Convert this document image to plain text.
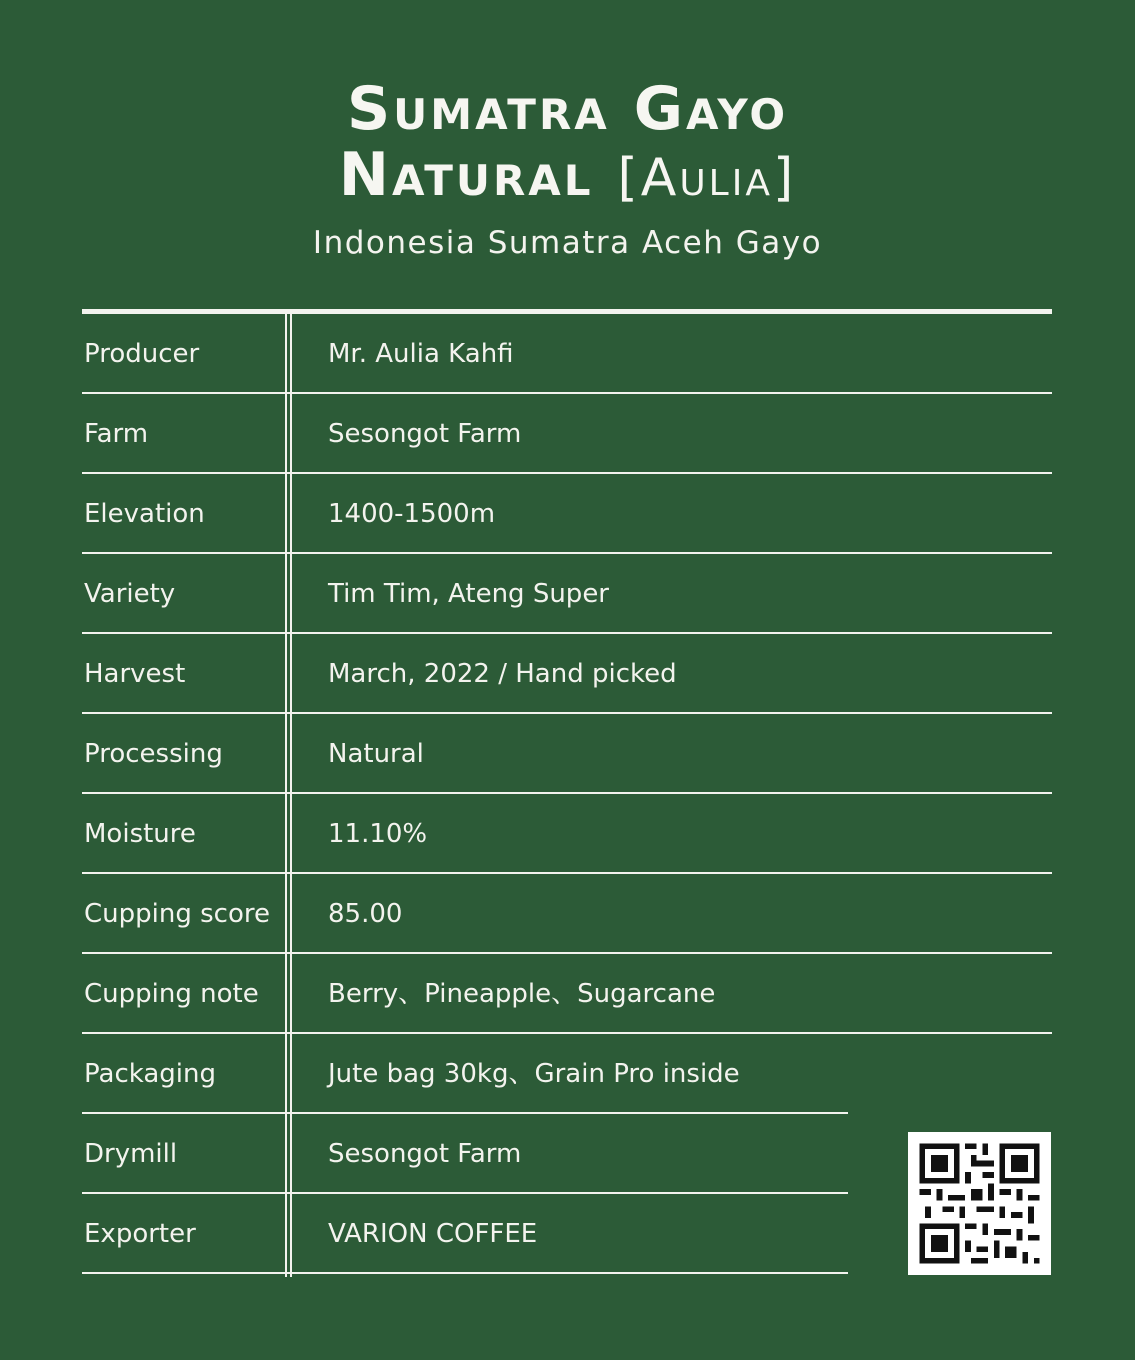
Sumatra Gayo
Natural [Aulia]
Indonesia Sumatra Aceh Gayo
Producer	Mr. Aulia Kahfi
Farm	Sesongot Farm
Elevation	1400-1500m
Variety	Tim Tim, Ateng Super
Harvest	March, 2022 / Hand picked
Processing	Natural
Moisture	11.10%
Cupping score 85.00
Cupping note	Berry、Pineapple、Sugarcane
Packaging	Jute bag 30kg、Grain Pro inside
Drymill	Sesongot Farm
Exporter	VARION COFFEE
